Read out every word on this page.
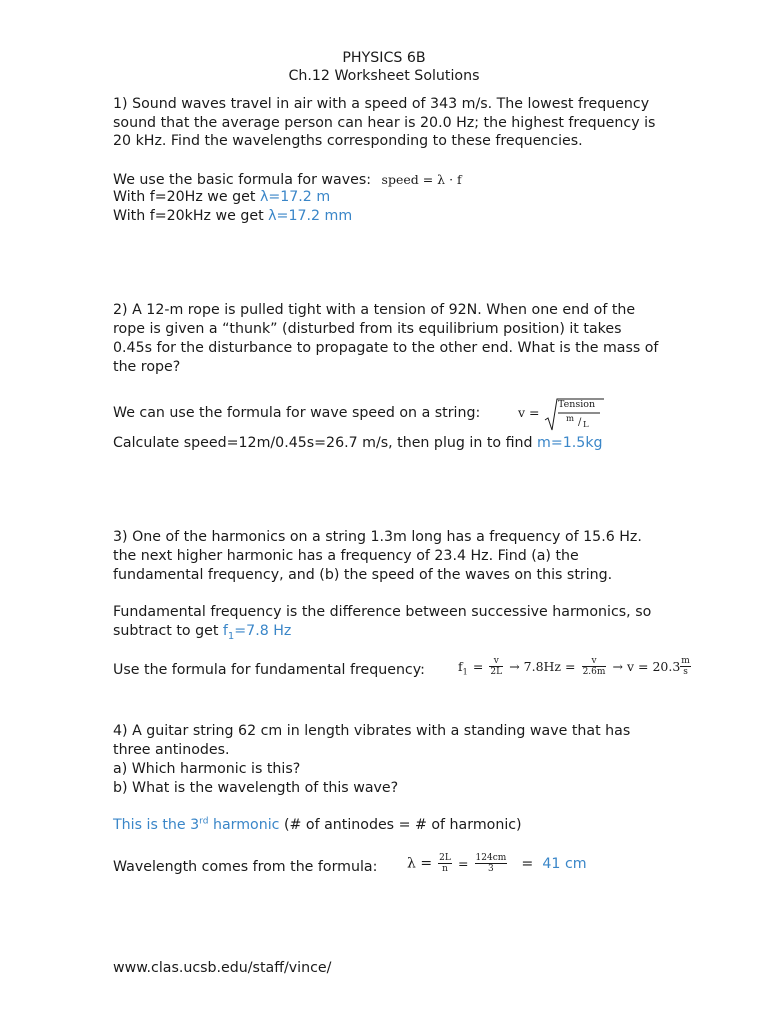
PHYSICS 6B
Ch.12 Worksheet Solutions
1) Sound waves travel in air with a speed of 343 m/s. The lowest frequency
sound that the average person can hear is 20.0 Hz; the highest frequency is
20 kHz. Find the wavelengths corresponding to these frequencies.
We use the basic formula for waves: speed = λ · f
With f=20Hz we get λ=17.2 m
With f=20kHz we get λ=17.2 mm
2) A 12-m rope is pulled tight with a tension of 92N. When one end of the
rope is given a “thunk” (disturbed from its equilibrium position) it takes
0.45s for the disturbance to propagate to the other end. What is the mass of
the rope?
We can use the formula for wave speed on a string:	v =
Tension
m / L
Calculate speed=12m/0.45s=26.7 m/s, then plug in to find m=1.5kg
3) One of the harmonics on a string 1.3m long has a frequency of 15.6 Hz.
the next higher harmonic has a frequency of 23.4 Hz. Find (a) the
fundamental frequency, and (b) the speed of the waves on this string.
Fundamental frequency is the difference between successive harmonics, so
subtract to get $f_1=7.8$ Hz
Use the formula for fundamental frequency:	$f_1 = \frac{v}{2L} \to 7.8Hz = \frac{v}{2.6m} \to v = 20.3 \frac{m}{s}$
4) A guitar string 62 cm in length vibrates with a standing wave that has
three antinodes.
a) Which harmonic is this?
b) What is the wavelength of this wave?
This is the 3rd harmonic (# of antinodes = # of harmonic)
Wavelength comes from the formula: $\lambda = \frac{2L}{n} = \frac{124cm}{3} = 41$ cm
www.clas.ucsb.edu/staff/vince/
